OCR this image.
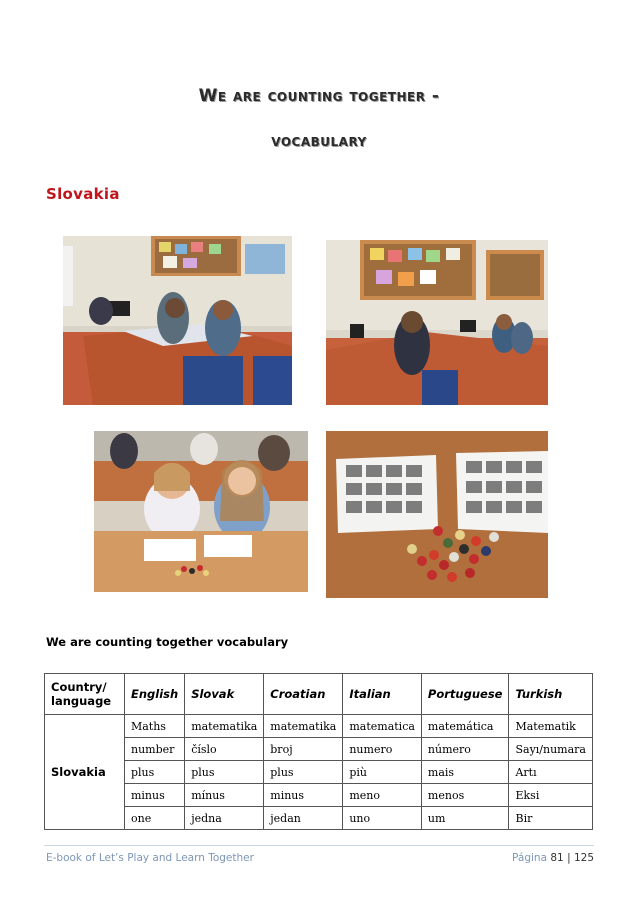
We are counting together -
vocabulary
Slovakia
We are counting together vocabulary
Country/ language	English	Slovak	Croatian	Italian	Portuguese	Turkish
Slovakia	Maths	matematika	matematika	matematica	matemática	Matematik
	number	číslo	broj	numero	número	Sayı/numara
	plus	plus	plus	più	mais	Artı
	minus	mínus	minus	meno	menos	Eksi
	one	jedna	jedan	uno	um	Bir
E-book of Let’s Play and Learn Together	Página 81 | 125
